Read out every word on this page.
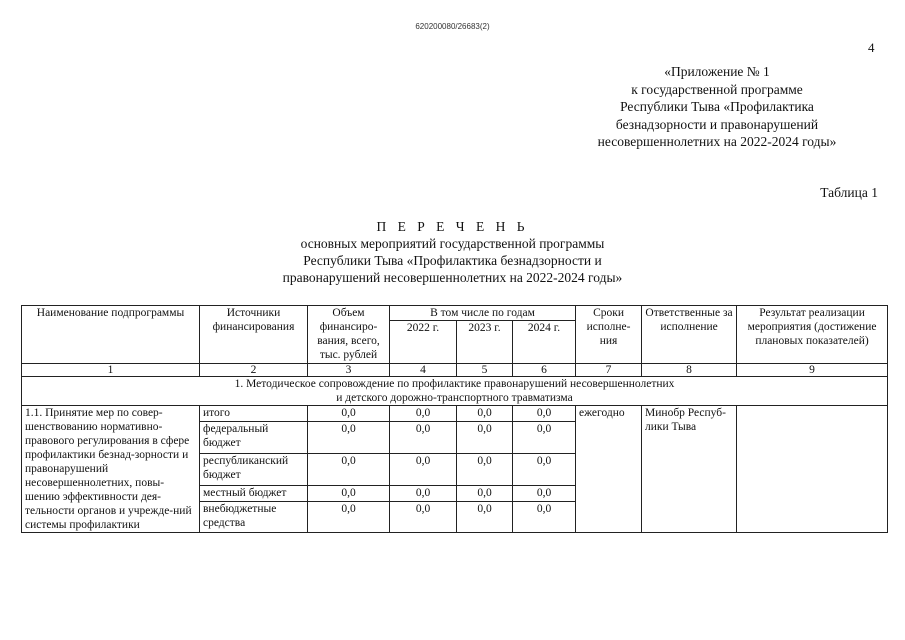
620200080/26683(2)
4
«Приложение № 1
к государственной программе
Республики Тыва «Профилактика
безнадзорности и правонарушений
несовершеннолетних на 2022-2024 годы»
Таблица 1
П Е Р Е Ч Е Н Ь
основных мероприятий государственной программы
Республики Тыва «Профилактика безнадзорности и
правонарушений несовершеннолетних на 2022-2024 годы»
Наименование подпрограммы	Источники финансирования	Объем финансиро-вания, всего, тыс. рублей	В том числе по годам			Сроки исполне-ния	Ответственные за исполнение	Результат реализации мероприятия (достижение плановых показателей)
			2022 г.	2023 г.	2024 г.			
1	2	3	4	5	6	7	8	9

1. Методическое сопровождение по профилактике правонарушений несовершеннолетних
и детского дорожно-транспортного травматизма								

1.1. Принятие мер по совер-шенствованию нормативно-правового регулирования в сфере профилактики безнад-зорности и правонарушений несовершеннолетних, повы-шению эффективности дея-тельности органов и учрежде-ний системы профилактики	итого	0,0	0,0	0,0	0,0	ежегодно	Минобр Респуб-лики Тыва	
	федеральный бюджет	0,0	0,0	0,0	0,0			
	республиканский бюджет	0,0	0,0	0,0	0,0			
	местный бюджет	0,0	0,0	0,0	0,0			
	внебюджетные средства	0,0	0,0	0,0	0,0			
